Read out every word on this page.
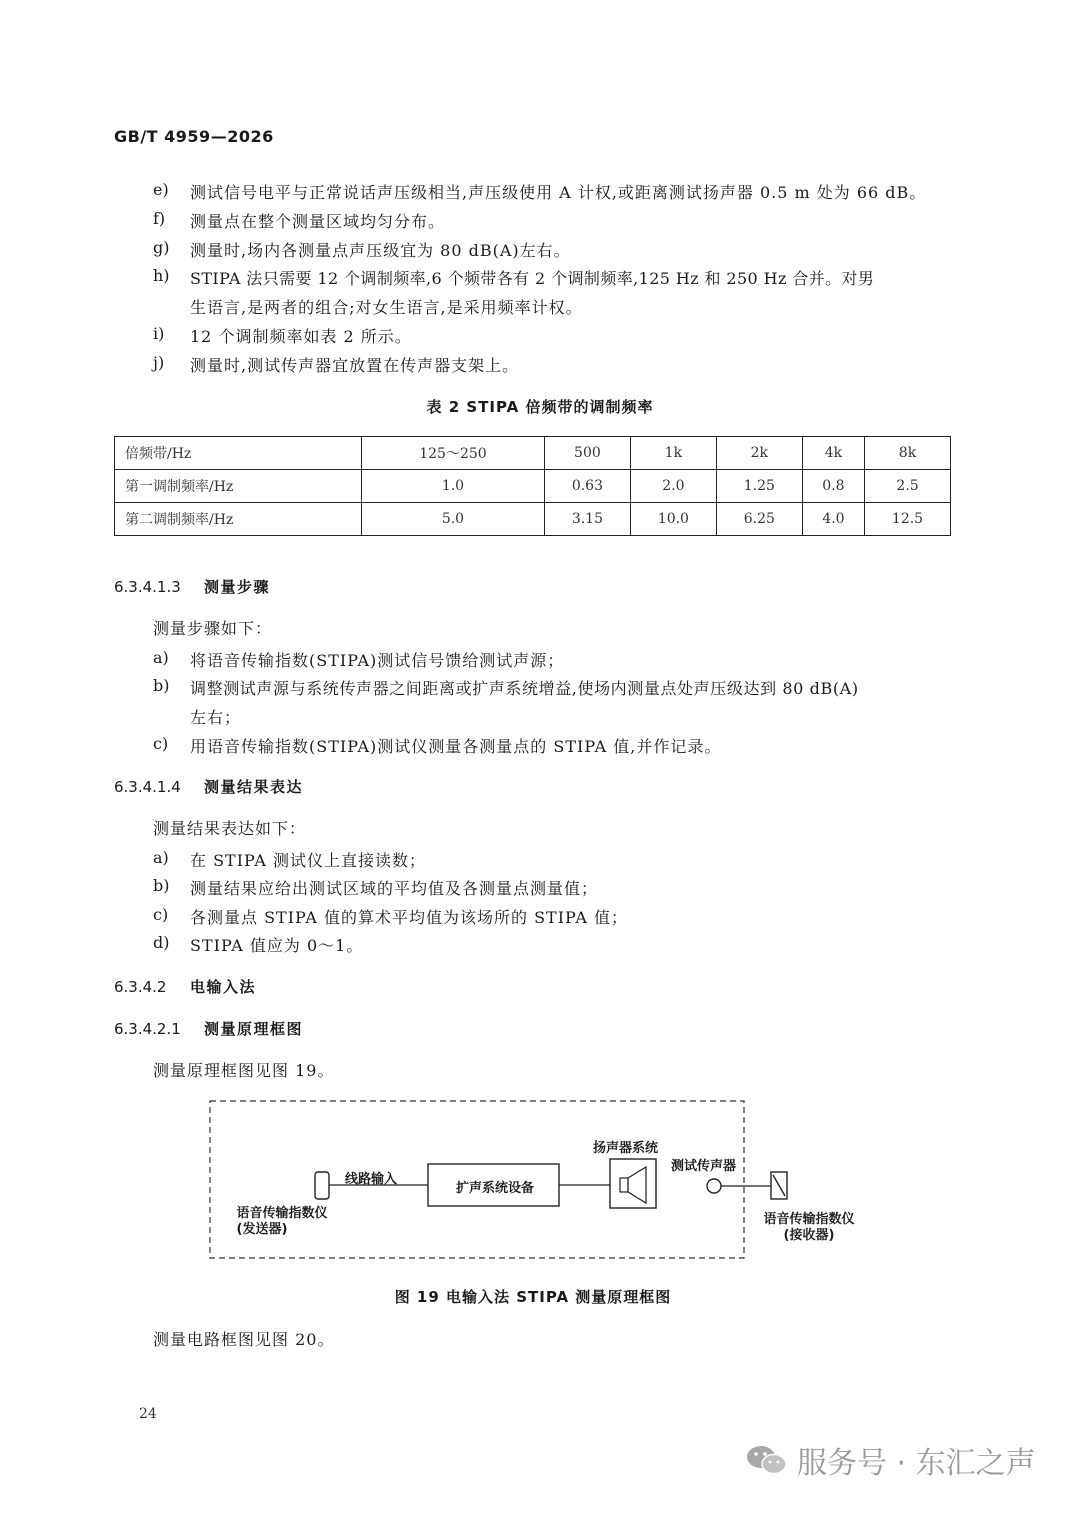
GB/T 4959—2026
e) 测试信号电平与正常说话声压级相当,声压级使用 A 计权,或距离测试扬声器 0.5 m 处为 66 dB。
f) 测量点在整个测量区域均匀分布。
g) 测量时,场内各测量点声压级宜为 80 dB(A)左右。
h) STIPA 法只需要 12 个调制频率,6 个频带各有 2 个调制频率,125 Hz 和 250 Hz 合并。对男
生语言,是两者的组合;对女生语言,是采用频率计权。
i) 12 个调制频率如表 2 所示。
j) 测量时,测试传声器宜放置在传声器支架上。
表 2 STIPA 倍频带的调制频率
倍频带/Hz	125～250	500	1k	2k	4k	8k
第一调制频率/Hz	1.0	0.63	2.0	1.25	0.8	2.5
第二调制频率/Hz	5.0	3.15	10.0	6.25	4.0	12.5
6.3.4.1.3 测量步骤
测量步骤如下：
a) 将语音传输指数(STIPA)测试信号馈给测试声源；
b) 调整测试声源与系统传声器之间距离或扩声系统增益,使场内测量点处声压级达到 80 dB(A)
左右；
c) 用语音传输指数(STIPA)测试仪测量各测量点的 STIPA 值,并作记录。
6.3.4.1.4 测量结果表达
测量结果表达如下：
a) 在 STIPA 测试仪上直接读数；
b) 测量结果应给出测试区域的平均值及各测量点测量值；
c) 各测量点 STIPA 值的算术平均值为该场所的 STIPA 值；
d) STIPA 值应为 0～1。
6.3.4.2 电输入法
6.3.4.2.1 测量原理框图
测量原理框图见图 19。
线路输入
扩声系统设备
扬声器系统
测试传声器
语音传输指数仪
(发送器)
语音传输指数仪
(接收器)
图 19 电输入法 STIPA 测量原理框图
测量电路框图见图 20。
24
服务号 · 东汇之声
